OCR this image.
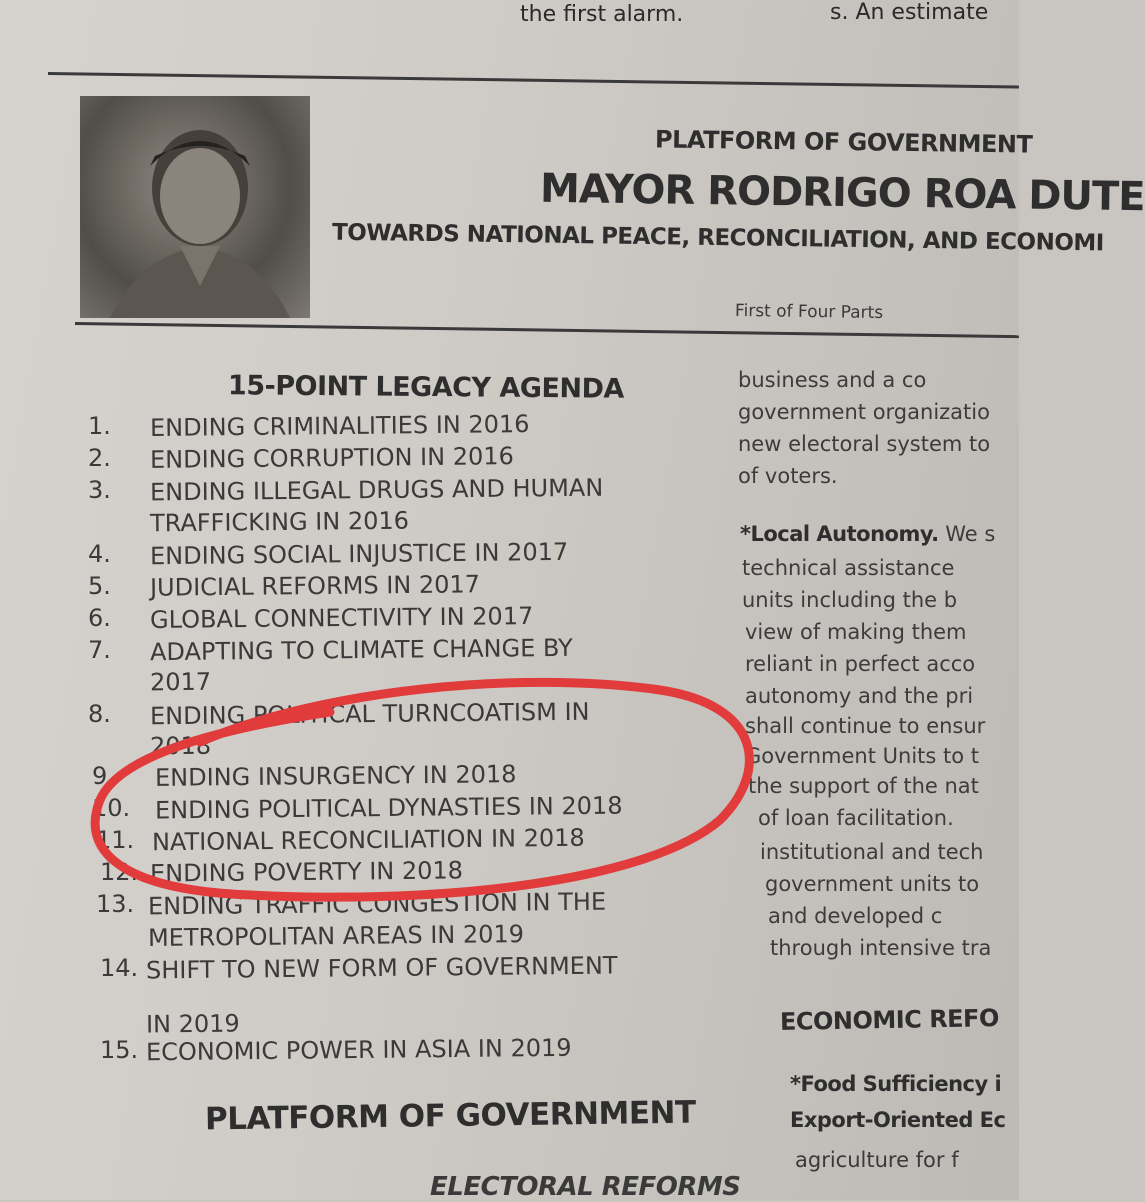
the first alarm.	s. An estimate
PLATFORM OF GOVERNMENT
MAYOR RODRIGO ROA DUTE
TOWARDS NATIONAL PEACE, RECONCILIATION, AND ECONOMI
First of Four Parts
15-POINT LEGACY AGENDA
1. ENDING CRIMINALITIES IN 2016
2. ENDING CORRUPTION IN 2016
3. ENDING ILLEGAL DRUGS AND HUMAN
TRAFFICKING IN 2016
4. ENDING SOCIAL INJUSTICE IN 2017
5. JUDICIAL REFORMS IN 2017
6. GLOBAL CONNECTIVITY IN 2017
7. ADAPTING TO CLIMATE CHANGE BY
2017
8. ENDING POLITICAL TURNCOATISM IN
2018
9. ENDING INSURGENCY IN 2018
10. ENDING POLITICAL DYNASTIES IN 2018
11. NATIONAL RECONCILIATION IN 2018
12. ENDING POVERTY IN 2018
13. ENDING TRAFFIC CONGESTION IN THE
METROPOLITAN AREAS IN 2019
14. SHIFT TO NEW FORM OF GOVERNMENT
IN 2019
15. ECONOMIC POWER IN ASIA IN 2019
PLATFORM OF GOVERNMENT
ELECTORAL REFORMS
business and a co
government organizatio
new electoral system to
of voters.
*Local Autonomy. We s
technical assistance
units including the b
view of making them
reliant in perfect acco
autonomy and the pri
shall continue to ensur
Government Units to t
the support of the nat
of loan facilitation.
institutional and tech
government units to
and developed c
through intensive tra
ECONOMIC REFO
*Food Sufficiency i
Export-Oriented Ec
agriculture for f
